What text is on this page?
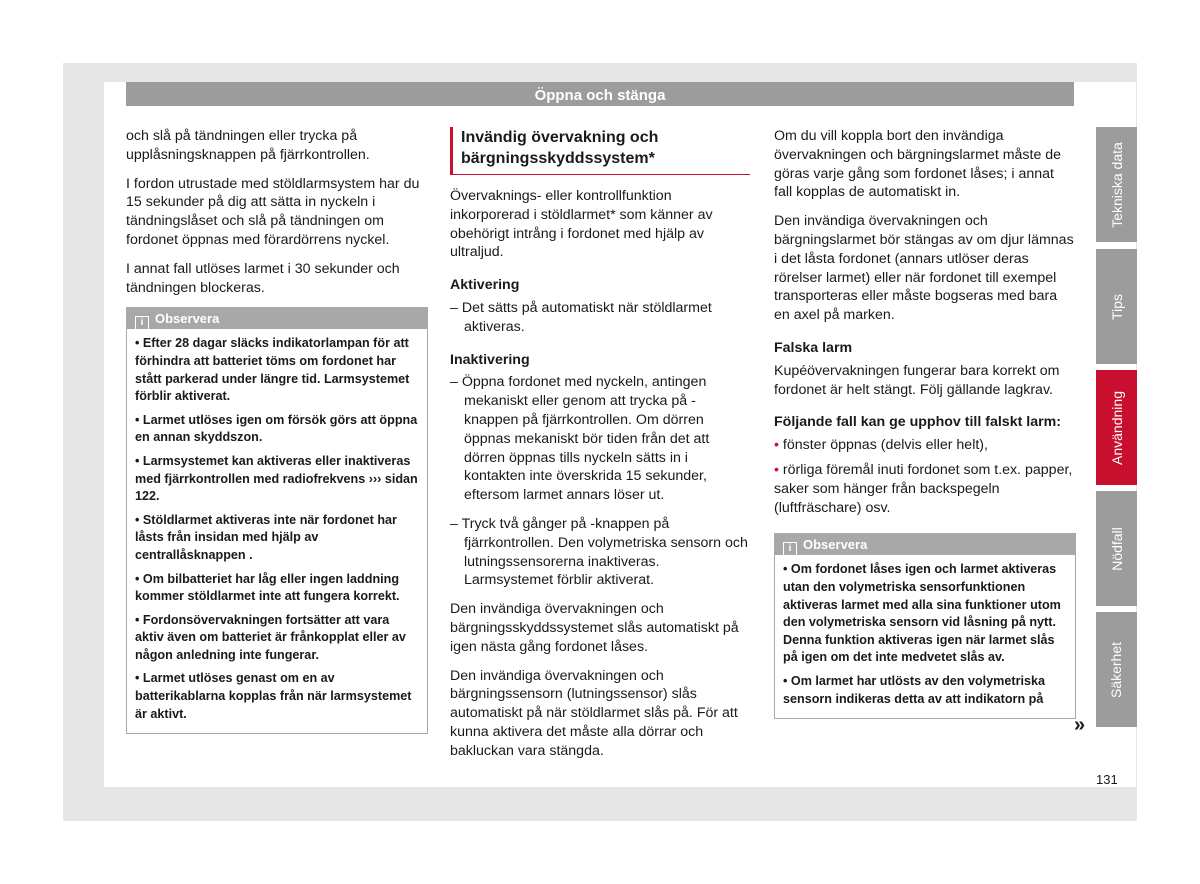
Öppna och stänga

och slå på tändningen eller trycka på upplåsningsknappen på fjärrkontrollen.

I fordon utrustade med stöldlarmsystem har du 15 sekunder på dig att sätta in nyckeln i tändningslåset och slå på tändningen om fordonet öppnas med förardörrens nyckel.

I annat fall utlöses larmet i 30 sekunder och tändningen blockeras.

i Observera
• Efter 28 dagar släcks indikatorlampan för att förhindra att batteriet töms om fordonet har stått parkerad under längre tid. Larmsystemet förblir aktiverat.
• Larmet utlöses igen om försök görs att öppna en annan skyddszon.
• Larmsystemet kan aktiveras eller inaktiveras med fjärrkontrollen med radiofrekvens ››› sidan 122.
• Stöldlarmet aktiveras inte när fordonet har låsts från insidan med hjälp av centrallåsknappen .
• Om bilbatteriet har låg eller ingen laddning kommer stöldlarmet inte att fungera korrekt.
• Fordonsövervakningen fortsätter att vara aktiv även om batteriet är frånkopplat eller av någon anledning inte fungerar.
• Larmet utlöses genast om en av batterikablarna kopplas från när larmsystemet är aktivt.
Invändig övervakning och bärgningsskyddssystem*

Övervaknings- eller kontrollfunktion inkorporerad i stöldlarmet* som känner av obehörigt intrång i fordonet med hjälp av ultraljud.

Aktivering

– Det sätts på automatiskt när stöldlarmet aktiveras.

Inaktivering

– Öppna fordonet med nyckeln, antingen mekaniskt eller genom att trycka på -knappen på fjärrkontrollen. Om dörren öppnas mekaniskt bör tiden från det att dörren öppnas tills nyckeln sätts in i kontakten inte överskrida 15 sekunder, eftersom larmet annars löser ut.

– Tryck två gånger på -knappen på fjärrkontrollen. Den volymetriska sensorn och lutningssensorerna inaktiveras. Larmsystemet förblir aktiverat.

Den invändiga övervakningen och bärgningsskyddssystemet slås automatiskt på igen nästa gång fordonet låses.

Den invändiga övervakningen och bärgningssensorn (lutningssensor) slås automatiskt på när stöldlarmet slås på. För att kunna aktivera det måste alla dörrar och bakluckan vara stängda.

Om du vill koppla bort den invändiga övervakningen och bärgningslarmet måste de göras varje gång som fordonet låses; i annat fall kopplas de automatiskt in.

Den invändiga övervakningen och bärgningslarmet bör stängas av om djur lämnas i det låsta fordonet (annars utlöser deras rörelser larmet) eller när fordonet till exempel transporteras eller måste bogseras med bara en axel på marken.

Falska larm

Kupéövervakningen fungerar bara korrekt om fordonet är helt stängt. Följ gällande lagkrav.

Följande fall kan ge upphov till falskt larm:
• fönster öppnas (delvis eller helt),
• rörliga föremål inuti fordonet som t.ex. papper, saker som hänger från backspegeln (luftfräschare) osv.
i Observera
• Om fordonet låses igen och larmet aktiveras utan den volymetriska sensorfunktionen aktiveras larmet med alla sina funktioner utom den volymetriska sensorn vid låsning på nytt. Denna funktion aktiveras igen när larmet slås på igen om det inte medvetet slås av.
• Om larmet har utlösts av den volymetriska sensorn indikeras detta av att indikatorn på
»
Tekniska data
Tips
Användning
Nödfall
Säkerhet
131
